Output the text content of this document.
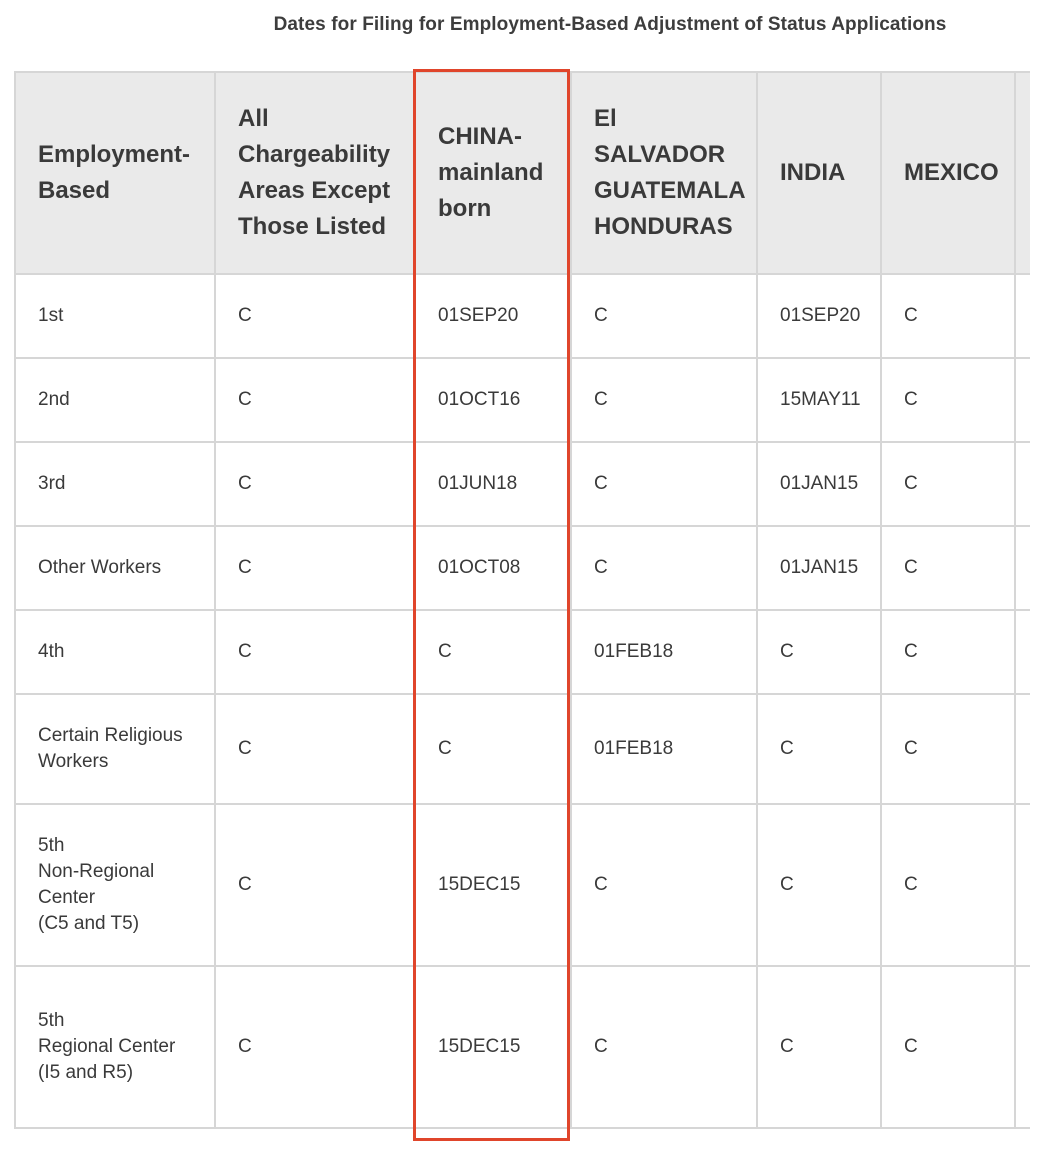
Dates for Filing for Employment-Based Adjustment of Status Applications
Employment-Based	All Chargeability Areas Except Those Listed	CHINA-mainland born	El SALVADOR GUATEMALA HONDURAS	INDIA	MEXICO	
1st	C	01SEP20	C	01SEP20	C	
2nd	C	01OCT16	C	15MAY11	C	
3rd	C	01JUN18	C	01JAN15	C	
Other Workers	C	01OCT08	C	01JAN15	C	
4th	C	C	01FEB18	C	C	
Certain Religious Workers	C	C	01FEB18	C	C	
5th
Non-Regional Center
(C5 and T5)	C	15DEC15	C	C	C	
5th
Regional Center
(I5 and R5)	C	15DEC15	C	C	C	
